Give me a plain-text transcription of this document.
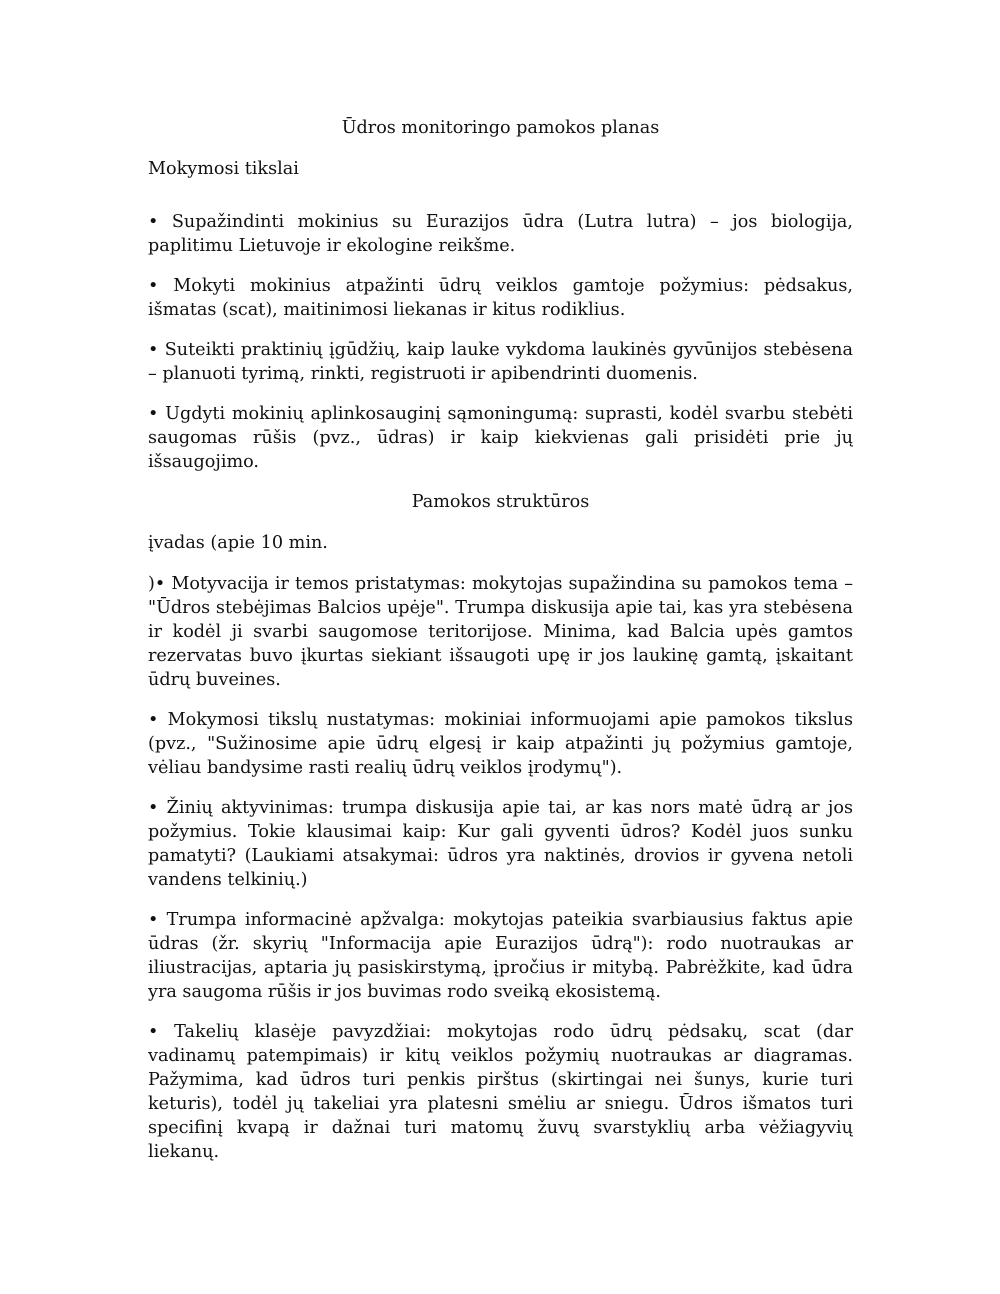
Ūdros monitoringo pamokos planas

Mokymosi tikslai

• Supažindinti mokinius su Eurazijos ūdra (Lutra lutra) – jos biologija, paplitimu Lietuvoje ir ekologine reikšme.

• Mokyti mokinius atpažinti ūdrų veiklos gamtoje požymius: pėdsakus, išmatas (scat), maitinimosi liekanas ir kitus rodiklius.

• Suteikti praktinių įgūdžių, kaip lauke vykdoma laukinės gyvūnijos stebėsena – planuoti tyrimą, rinkti, registruoti ir apibendrinti duomenis.

• Ugdyti mokinių aplinkosauginį sąmoningumą: suprasti, kodėl svarbu stebėti saugomas rūšis (pvz., ūdras) ir kaip kiekvienas gali prisidėti prie jų išsaugojimo.

Pamokos struktūros

įvadas (apie 10 min.

)• Motyvacija ir temos pristatymas: mokytojas supažindina su pamokos tema – "Ūdros stebėjimas Balcios upėje". Trumpa diskusija apie tai, kas yra stebėsena ir kodėl ji svarbi saugomose teritorijose. Minima, kad Balcia upės gamtos rezervatas buvo įkurtas siekiant išsaugoti upę ir jos laukinę gamtą, įskaitant ūdrų buveines.

• Mokymosi tikslų nustatymas: mokiniai informuojami apie pamokos tikslus (pvz., "Sužinosime apie ūdrų elgesį ir kaip atpažinti jų požymius gamtoje, vėliau bandysime rasti realių ūdrų veiklos įrodymų").

• Žinių aktyvinimas: trumpa diskusija apie tai, ar kas nors matė ūdrą ar jos požymius. Tokie klausimai kaip: Kur gali gyventi ūdros? Kodėl juos sunku pamatyti? (Laukiami atsakymai: ūdros yra naktinės, drovios ir gyvena netoli vandens telkinių.)

• Trumpa informacinė apžvalga: mokytojas pateikia svarbiausius faktus apie ūdras (žr. skyrių "Informacija apie Eurazijos ūdrą"): rodo nuotraukas ar iliustracijas, aptaria jų pasiskirstymą, įpročius ir mitybą. Pabrėžkite, kad ūdra yra saugoma rūšis ir jos buvimas rodo sveiką ekosistemą.

• Takelių klasėje pavyzdžiai: mokytojas rodo ūdrų pėdsakų, scat (dar vadinamų patempimais) ir kitų veiklos požymių nuotraukas ar diagramas. Pažymima, kad ūdros turi penkis pirštus (skirtingai nei šunys, kurie turi keturis), todėl jų takeliai yra platesni smėliu ar sniegu. Ūdros išmatos turi specifinį kvapą ir dažnai turi matomų žuvų svarstyklių arba vėžiagyvių liekanų.
